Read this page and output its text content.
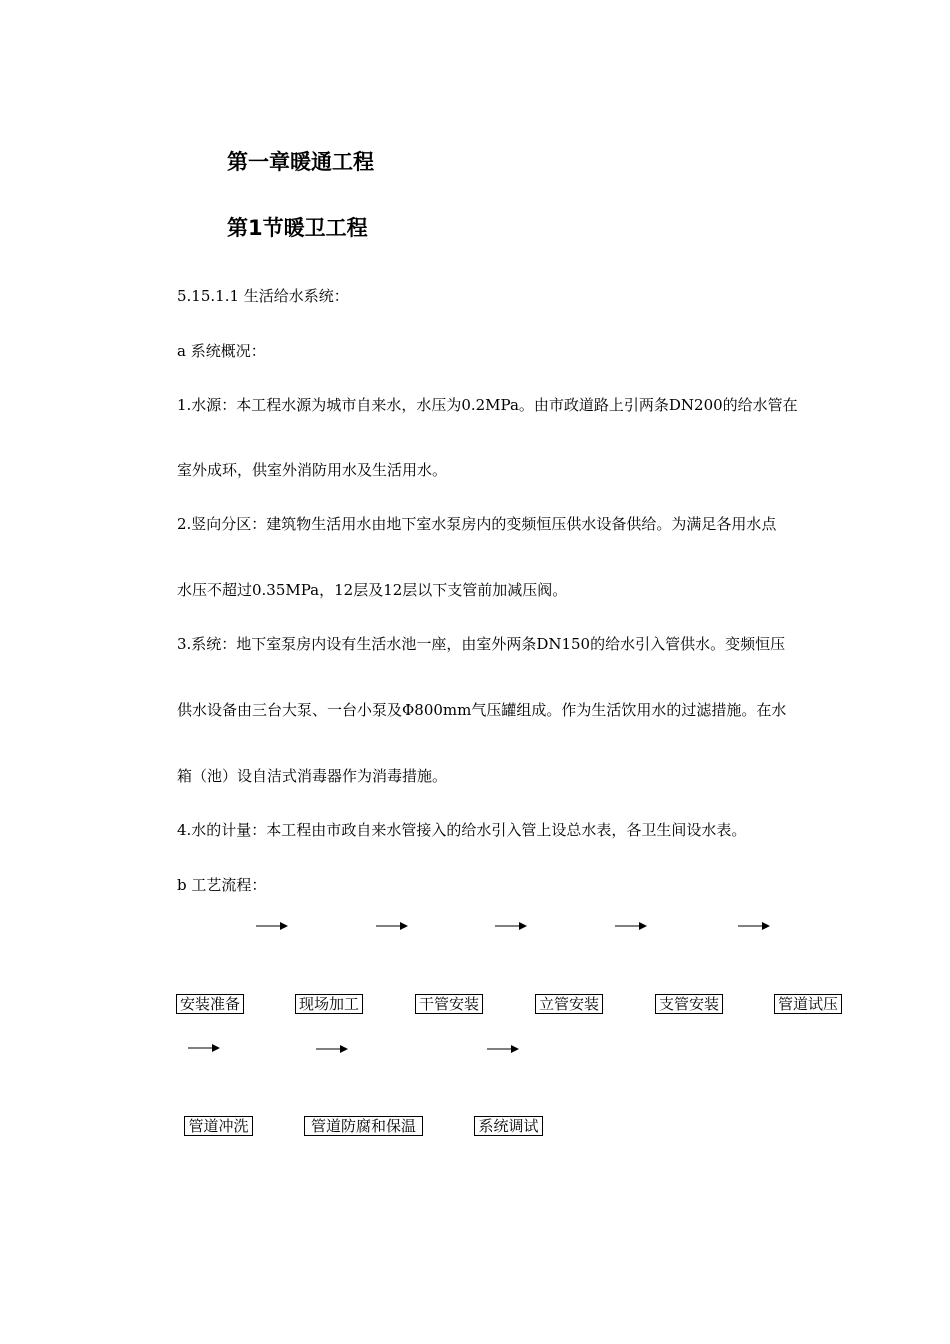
第一章暖通工程
第1节暖卫工程

5.15.1.1 生活给水系统：

a 系统概况：

1.水源：本工程水源为城市自来水，水压为0.2MPa。由市政道路上引两条DN200的给水管在

室外成环，供室外消防用水及生活用水。

2.竖向分区：建筑物生活用水由地下室水泵房内的变频恒压供水设备供给。为满足各用水点

水压不超过0.35MPa，12层及12层以下支管前加减压阀。

3.系统：地下室泵房内设有生活水池一座，由室外两条DN150的给水引入管供水。变频恒压

供水设备由三台大泵、一台小泵及Φ800mm气压罐组成。作为生活饮用水的过滤措施。在水

箱（池）设自洁式消毒器作为消毒措施。

4.水的计量：本工程由市政自来水管接入的给水引入管上设总水表，各卫生间设水表。

b 工艺流程：

安装准备	现场加工	干管安装	立管安装	支管安装	管道试压
管道冲洗	管道防腐和保温	系统调试
